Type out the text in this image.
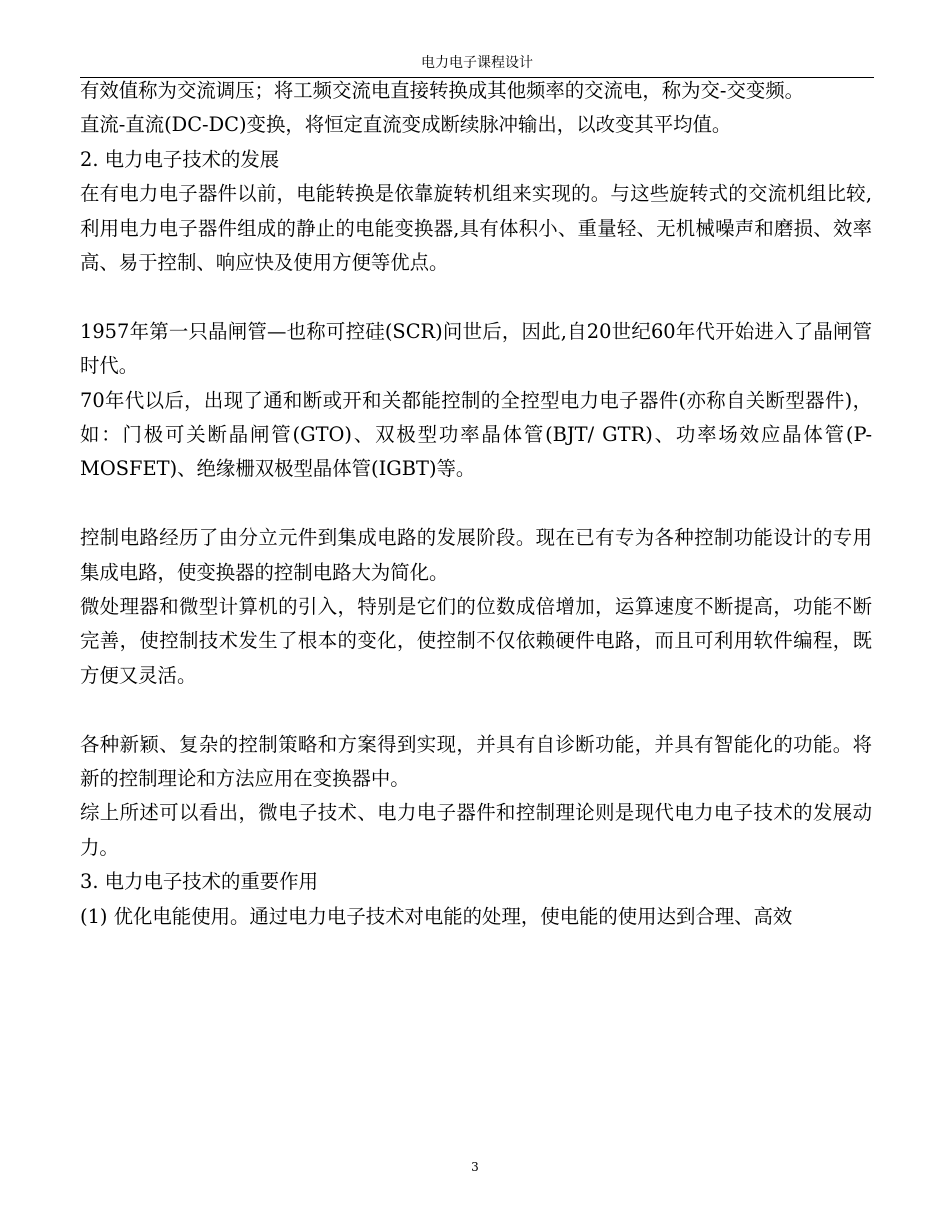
电力电子课程设计

有效值称为交流调压；将工频交流电直接转换成其他频率的交流电，称为交-交变频。

直流-直流(DC-DC)变换，将恒定直流变成断续脉冲输出，以改变其平均值。

2. 电力电子技术的发展

在有电力电子器件以前，电能转换是依靠旋转机组来实现的。与这些旋转式的交流机组比较,利用电力电子器件组成的静止的电能变换器,具有体积小、重量轻、无机械噪声和磨损、效率高、易于控制、响应快及使用方便等优点。

1957年第一只晶闸管—也称可控硅(SCR)问世后，因此,自20世纪60年代开始进入了晶闸管时代。

70年代以后，出现了通和断或开和关都能控制的全控型电力电子器件(亦称自关断型器件)，如：门极可关断晶闸管(GTO)、双极型功率晶体管(BJT/ GTR)、功率场效应晶体管(P-MOSFET)、绝缘栅双极型晶体管(IGBT)等。

控制电路经历了由分立元件到集成电路的发展阶段。现在已有专为各种控制功能设计的专用集成电路，使变换器的控制电路大为简化。

微处理器和微型计算机的引入，特别是它们的位数成倍增加，运算速度不断提高，功能不断完善，使控制技术发生了根本的变化，使控制不仅依赖硬件电路，而且可利用软件编程，既方便又灵活。

各种新颖、复杂的控制策略和方案得到实现，并具有自诊断功能，并具有智能化的功能。将新的控制理论和方法应用在变换器中。

综上所述可以看出，微电子技术、电力电子器件和控制理论则是现代电力电子技术的发展动力。

3. 电力电子技术的重要作用

(1) 优化电能使用。通过电力电子技术对电能的处理，使电能的使用达到合理、高效

3
